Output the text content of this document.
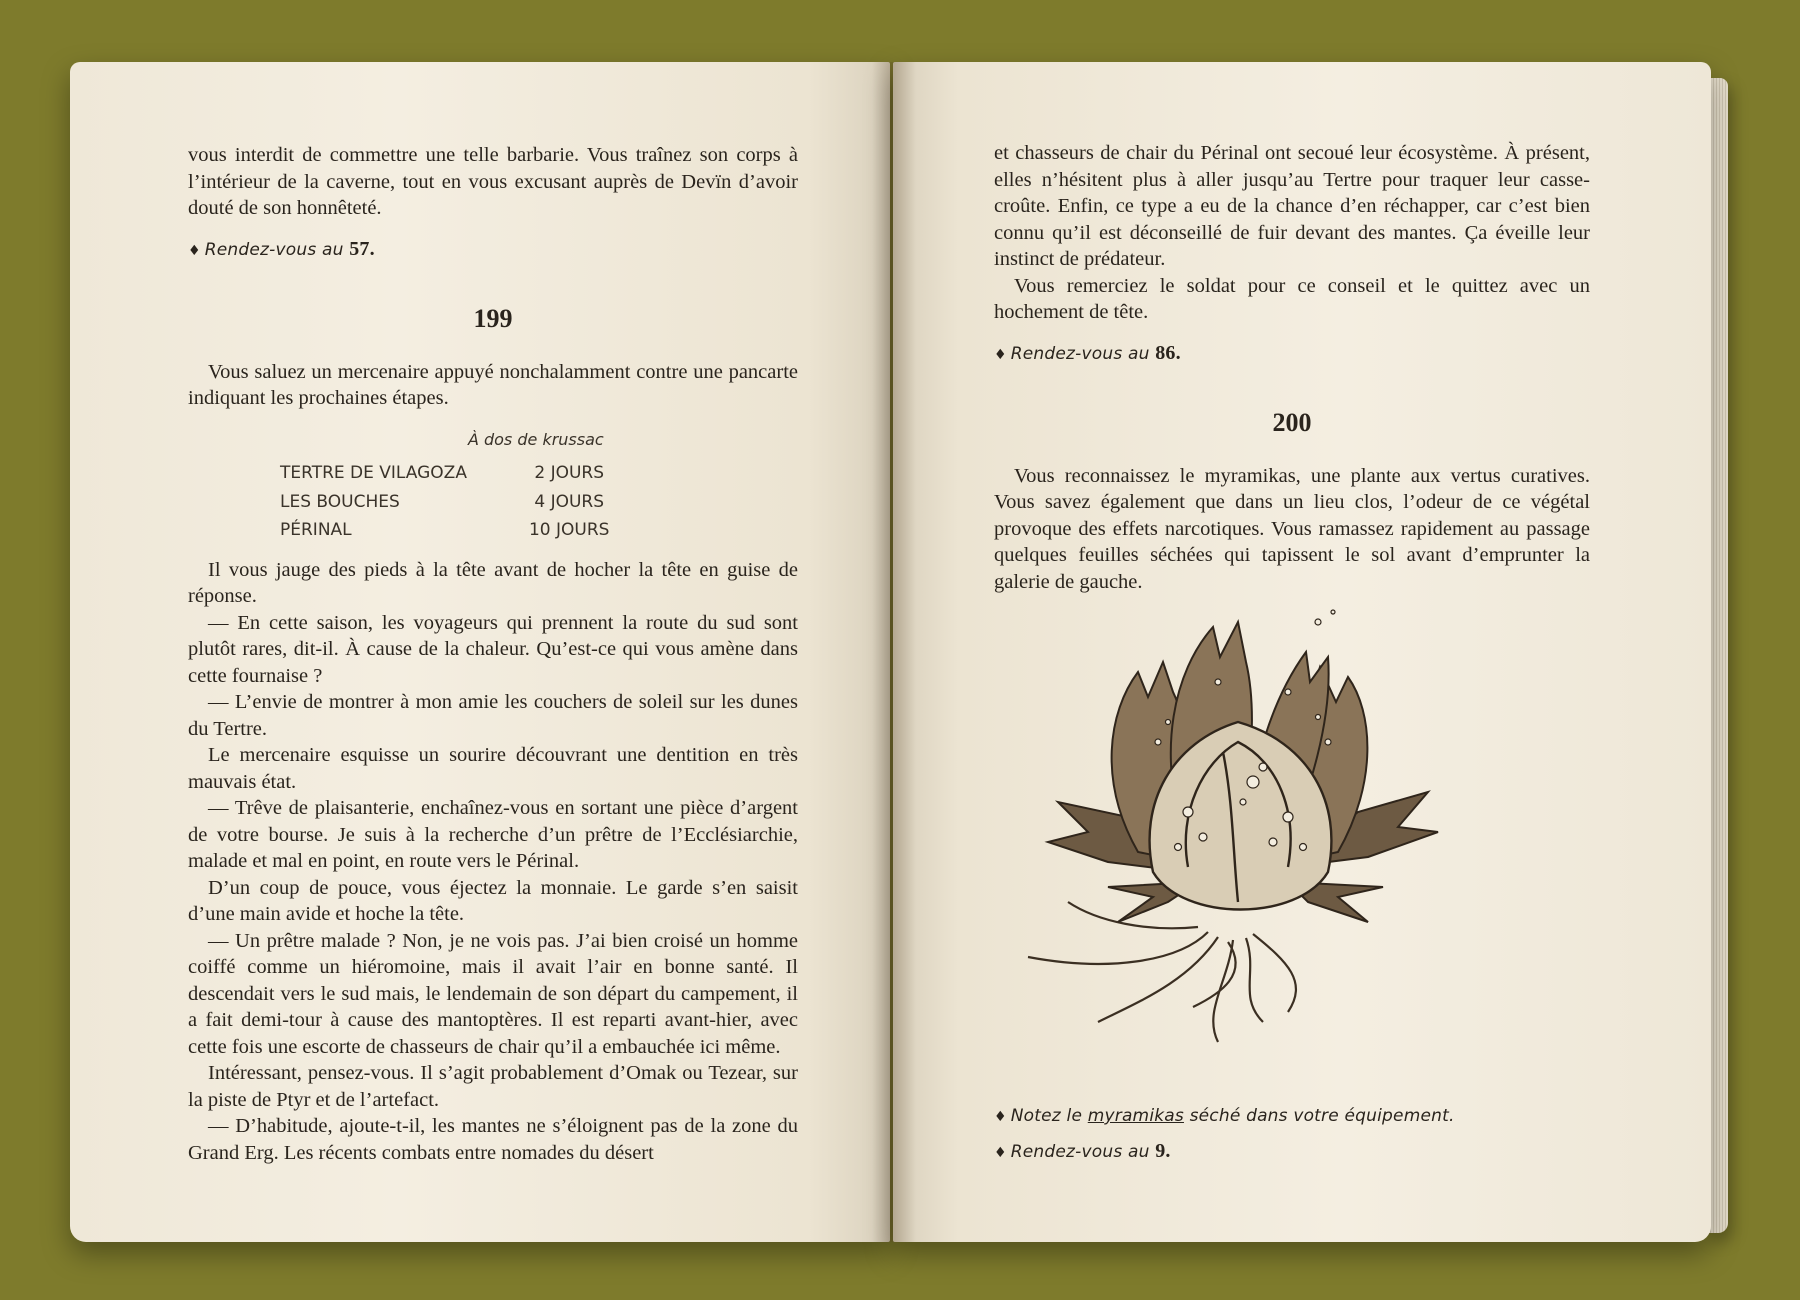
vous interdit de commettre une telle barbarie. Vous traînez son corps à l’intérieur de la caverne, tout en vous excusant auprès de Devïn d’avoir douté de son honnêteté.

♦ Rendez-vous au 57.

199

Vous saluez un mercenaire appuyé nonchalamment contre une pancarte indiquant les prochaines étapes.

	À dos de krussac
TERTRE DE VILAGOZA	2 JOURS
LES BOUCHES	4 JOURS
PÉRINAL	10 JOURS

Il vous jauge des pieds à la tête avant de hocher la tête en guise de réponse.

— En cette saison, les voyageurs qui prennent la route du sud sont plutôt rares, dit-il. À cause de la chaleur. Qu’est-ce qui vous amène dans cette fournaise ?

— L’envie de montrer à mon amie les couchers de soleil sur les dunes du Tertre.

Le mercenaire esquisse un sourire découvrant une dentition en très mauvais état.

— Trêve de plaisanterie, enchaînez-vous en sortant une pièce d’argent de votre bourse. Je suis à la recherche d’un prêtre de l’Ecclésiarchie, malade et mal en point, en route vers le Périnal.

D’un coup de pouce, vous éjectez la monnaie. Le garde s’en saisit d’une main avide et hoche la tête.

— Un prêtre malade ? Non, je ne vois pas. J’ai bien croisé un homme coiffé comme un hiéromoine, mais il avait l’air en bonne santé. Il descendait vers le sud mais, le lendemain de son départ du campement, il a fait demi-tour à cause des mantoptères. Il est reparti avant-hier, avec cette fois une escorte de chasseurs de chair qu’il a embauchée ici même.

Intéressant, pensez-vous. Il s’agit probablement d’Omak ou Tezear, sur la piste de Ptyr et de l’artefact.

— D’habitude, ajoute-t-il, les mantes ne s’éloignent pas de la zone du Grand Erg. Les récents combats entre nomades du désert

et chasseurs de chair du Périnal ont secoué leur écosystème. À présent, elles n’hésitent plus à aller jusqu’au Tertre pour traquer leur casse-croûte. Enfin, ce type a eu de la chance d’en réchapper, car c’est bien connu qu’il est déconseillé de fuir devant des mantes. Ça éveille leur instinct de prédateur.

Vous remerciez le soldat pour ce conseil et le quittez avec un hochement de tête.

♦ Rendez-vous au 86.

200

Vous reconnaissez le myramikas, une plante aux vertus curatives. Vous savez également que dans un lieu clos, l’odeur de ce végétal provoque des effets narcotiques. Vous ramassez rapidement au passage quelques feuilles séchées qui tapissent le sol avant d’emprunter la galerie de gauche.

♦ Notez le myramikas séché dans votre équipement.

♦ Rendez-vous au 9.
